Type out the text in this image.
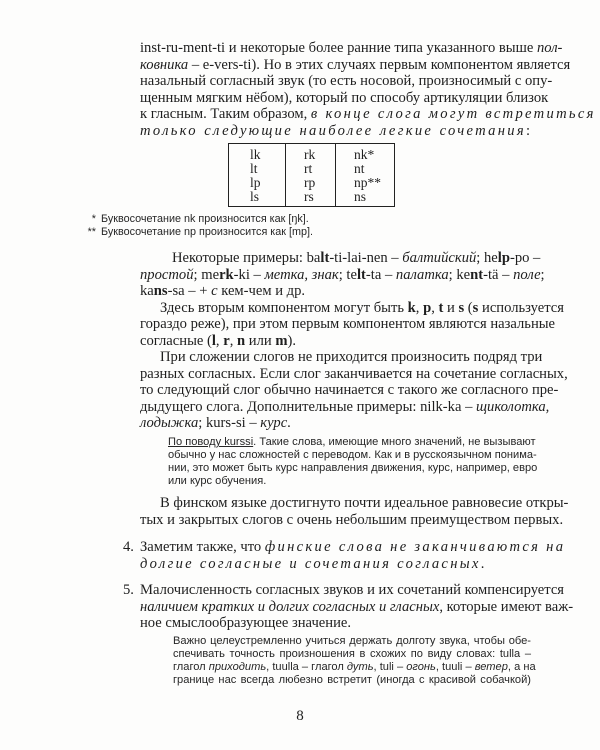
inst-ru-ment-ti и некоторые более ранние типа указанного выше пол-
ковника – e-vers-ti). Но в этих случаях первым компонентом является
назальный согласный звук (то есть носовой, произносимый с опу-
щенным мягким нёбом), который по способу артикуляции близок
к гласным. Таким образом, в конце слога могут встретиться
только следующие наиболее легкие сочетания:
lk	rk	nk*
lt	rt	nt
lp	rp	np**
ls	rs	ns
* Буквосочетание nk произносится как [ŋk].
** Буквосочетание np произносится как [mp].
Некоторые примеры: balt-ti-lai-nen – балтийский; help-po –
простой; merk-ki – метка, знак; telt-ta – палатка; kent-tä – поле;
kans-sa – + с кем-чем и др.
Здесь вторым компонентом могут быть k, p, t и s (s используется
гораздо реже), при этом первым компонентом являются назальные
согласные (l, r, n или m).
При сложении слогов не приходится произносить подряд три
разных согласных. Если слог заканчивается на сочетание согласных,
то следующий слог обычно начинается с такого же согласного пре-
дыдущего слога. Дополнительные примеры: nilk-ka – щиколотка,
лодыжка; kurs-si – курс.
По поводу kurssi. Такие слова, имеющие много значений, не вызывают
обычно у нас сложностей с переводом. Как и в русскоязычном понима-
нии, это может быть курс направления движения, курс, например, евро
или курс обучения.
В финском языке достигнуто почти идеальное равновесие откры-
тых и закрытых слогов с очень небольшим преимуществом первых.
4. Заметим также, что финские слова не заканчиваются на
долгие согласные и сочетания согласных.
5. Малочисленность согласных звуков и их сочетаний компенсируется
наличием кратких и долгих согласных и гласных, которые имеют важ-
ное смыслообразующее значение.
Важно целеустремленно учиться держать долготу звука, чтобы обе-
спечивать точность произношения в схожих по виду словах: tulla –
глагол приходить, tuulla – глагол дуть, tuli – огонь, tuuli – ветер, а на
границе нас всегда любезно встретит (иногда с красивой собачкой)
8
